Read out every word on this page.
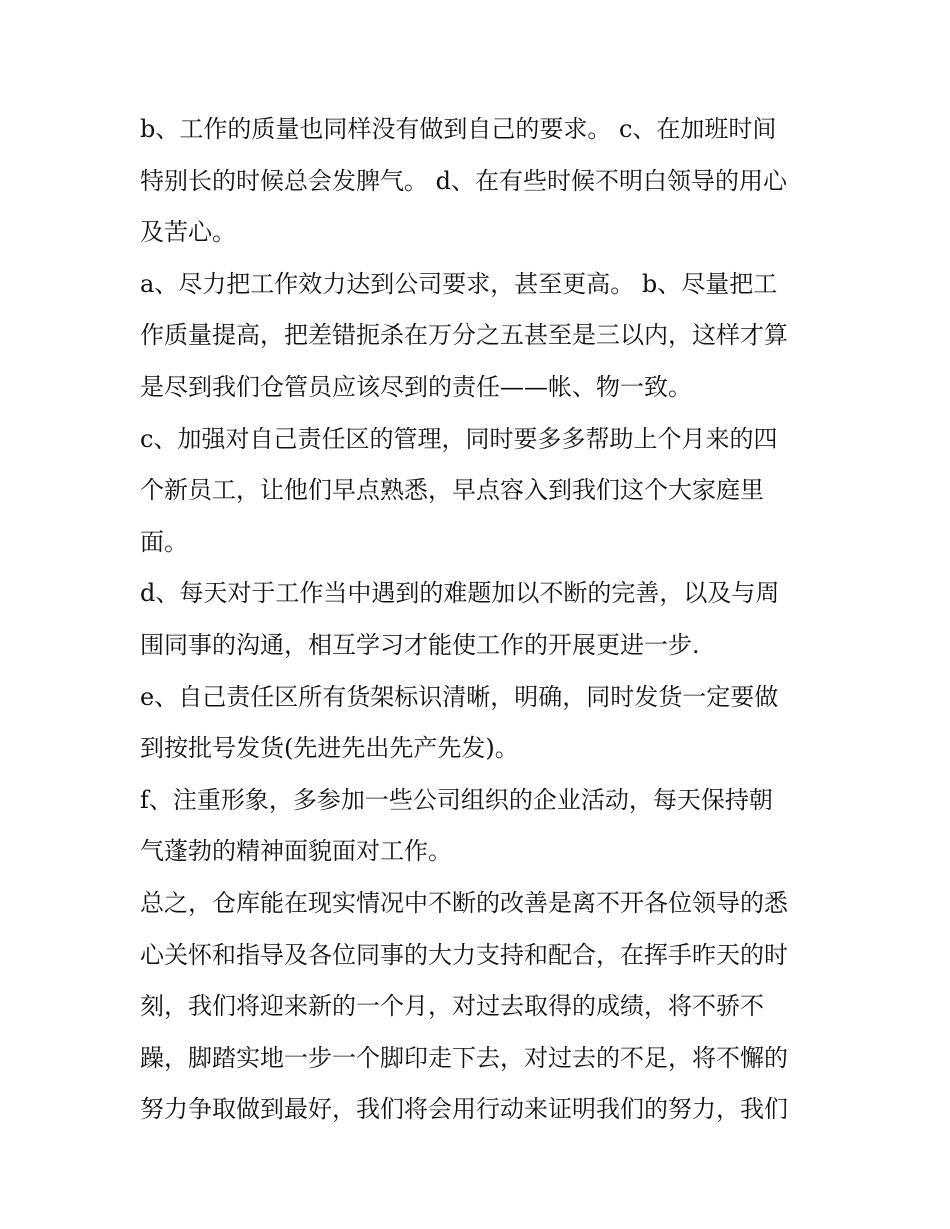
b、工作的质量也同样没有做到自己的要求。 c、在加班时间
特别长的时候总会发脾气。 d、在有些时候不明白领导的用心
及苦心。
a、尽力把工作效力达到公司要求，甚至更高。 b、尽量把工
作质量提高，把差错扼杀在万分之五甚至是三以内，这样才算
是尽到我们仓管员应该尽到的责任——帐、物一致。
c、加强对自己责任区的管理，同时要多多帮助上个月来的四
个新员工，让他们早点熟悉，早点容入到我们这个大家庭里
面。
d、每天对于工作当中遇到的难题加以不断的完善，以及与周
围同事的沟通，相互学习才能使工作的开展更进一步.
e、自己责任区所有货架标识清晰，明确，同时发货一定要做
到按批号发货(先进先出先产先发)。
f、注重形象，多参加一些公司组织的企业活动，每天保持朝
气蓬勃的精神面貌面对工作。
总之，仓库能在现实情况中不断的改善是离不开各位领导的悉
心关怀和指导及各位同事的大力支持和配合，在挥手昨天的时
刻，我们将迎来新的一个月，对过去取得的成绩，将不骄不
躁，脚踏实地一步一个脚印走下去，对过去的不足，将不懈的
努力争取做到最好，我们将会用行动来证明我们的努力，我们
